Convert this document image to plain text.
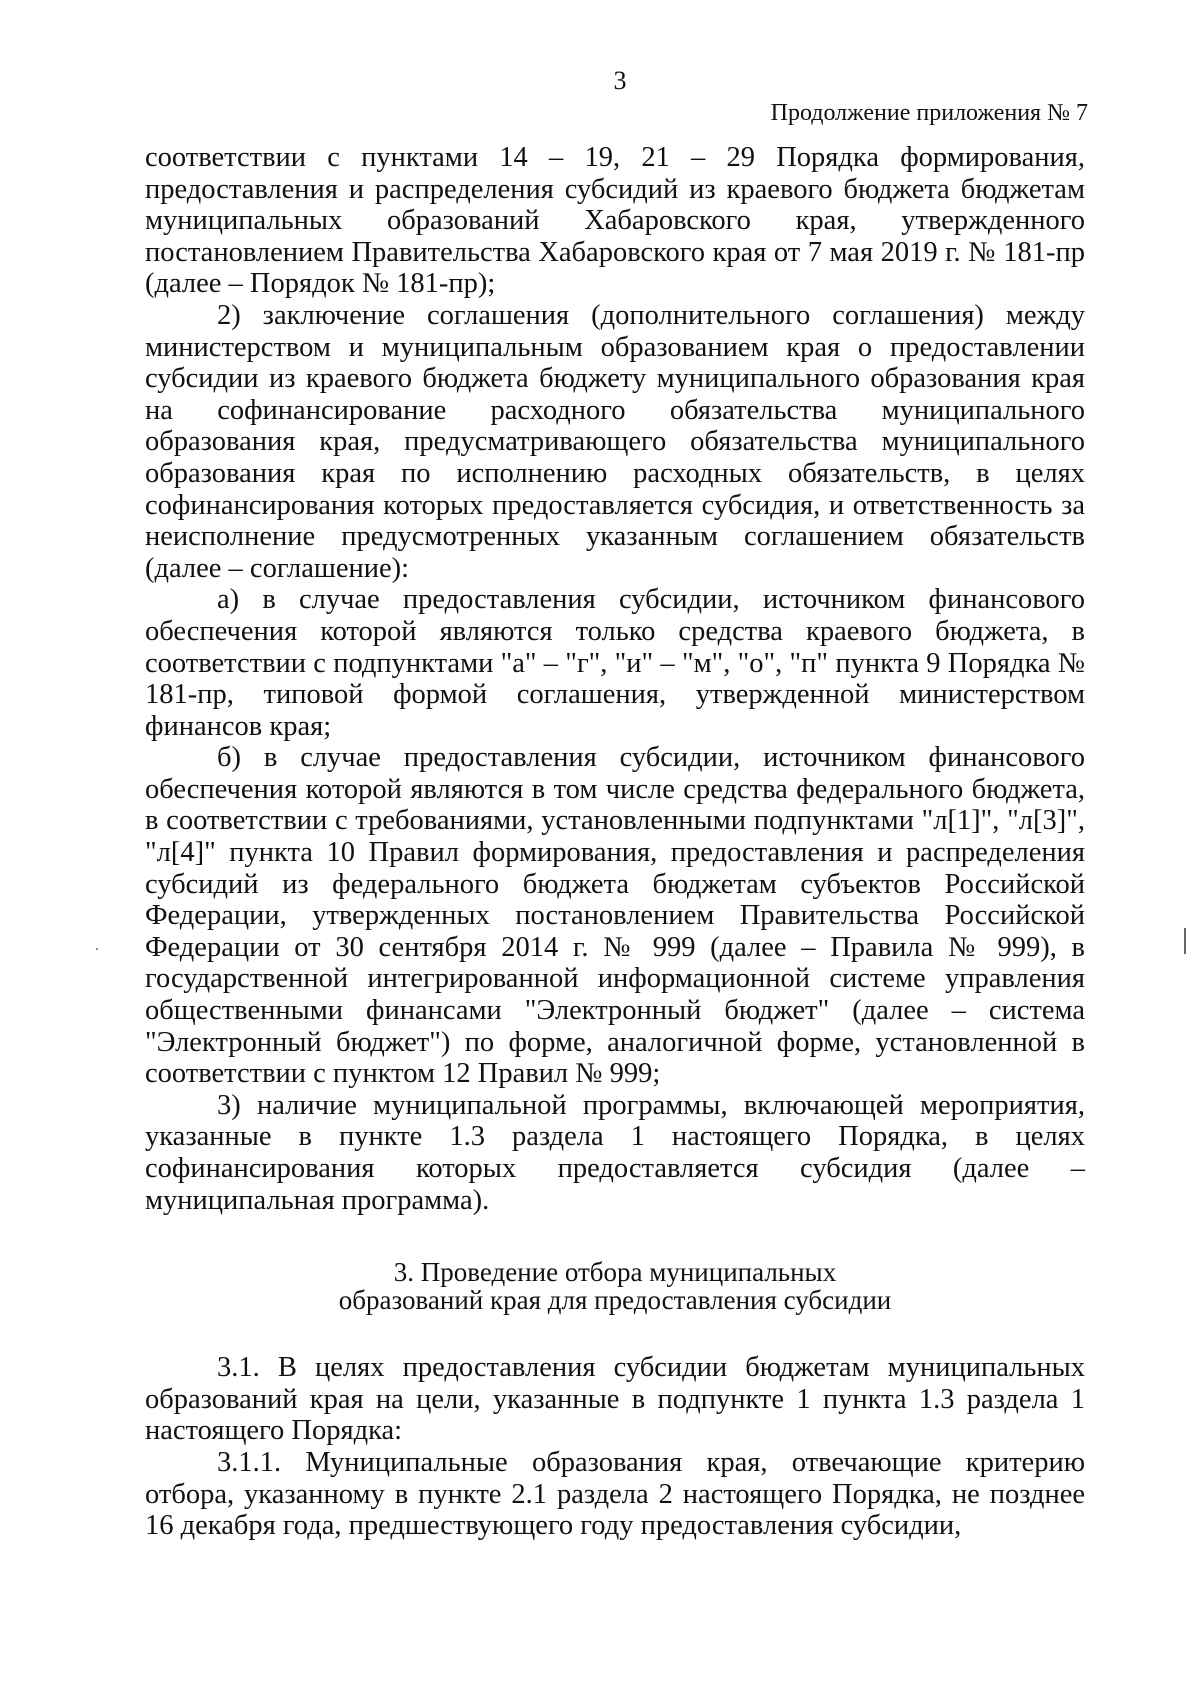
3
Продолжение приложения № 7

соответствии с пунктами 14 – 19, 21 – 29 Порядка формирования, предоставления и распределения субсидий из краевого бюджета бюджетам муниципальных образований Хабаровского края, утвержденного постановлением Правительства Хабаровского края от 7 мая 2019 г. № 181-пр (далее – Порядок № 181-пр);

2) заключение соглашения (дополнительного соглашения) между министерством и муниципальным образованием края о предоставлении субсидии из краевого бюджета бюджету муниципального образования края на софинансирование расходного обязательства муниципального образования края, предусматривающего обязательства муниципального образования края по исполнению расходных обязательств, в целях софинансирования которых предоставляется субсидия, и ответственность за неисполнение предусмотренных указанным соглашением обязательств (далее – соглашение):

а) в случае предоставления субсидии, источником финансового обеспечения которой являются только средства краевого бюджета, в соответствии с подпунктами "а" – "г", "и" – "м", "о", "п" пункта 9 Порядка № 181-пр, типовой формой соглашения, утвержденной министерством финансов края;

б) в случае предоставления субсидии, источником финансового обеспечения которой являются в том числе средства федерального бюджета, в соответствии с требованиями, установленными подпунктами "л[1]", "л[3]", "л[4]" пункта 10 Правил формирования, предоставления и распределения субсидий из федерального бюджета бюджетам субъектов Российской Федерации, утвержденных постановлением Правительства Российской Федерации от 30 сентября 2014 г. № 999 (далее – Правила № 999), в государственной интегрированной информационной системе управления общественными финансами "Электронный бюджет" (далее – система "Электронный бюджет") по форме, аналогичной форме, установленной в соответствии с пунктом 12 Правил № 999;

3) наличие муниципальной программы, включающей мероприятия, указанные в пункте 1.3 раздела 1 настоящего Порядка, в целях софинансирования которых предоставляется субсидия (далее – муниципальная программа).

3. Проведение отбора муниципальных
образований края для предоставления субсидии

3.1. В целях предоставления субсидии бюджетам муниципальных образований края на цели, указанные в подпункте 1 пункта 1.3 раздела 1 настоящего Порядка:

3.1.1. Муниципальные образования края, отвечающие критерию отбора, указанному в пункте 2.1 раздела 2 настоящего Порядка, не позднее 16 декабря года, предшествующего году предоставления субсидии,
